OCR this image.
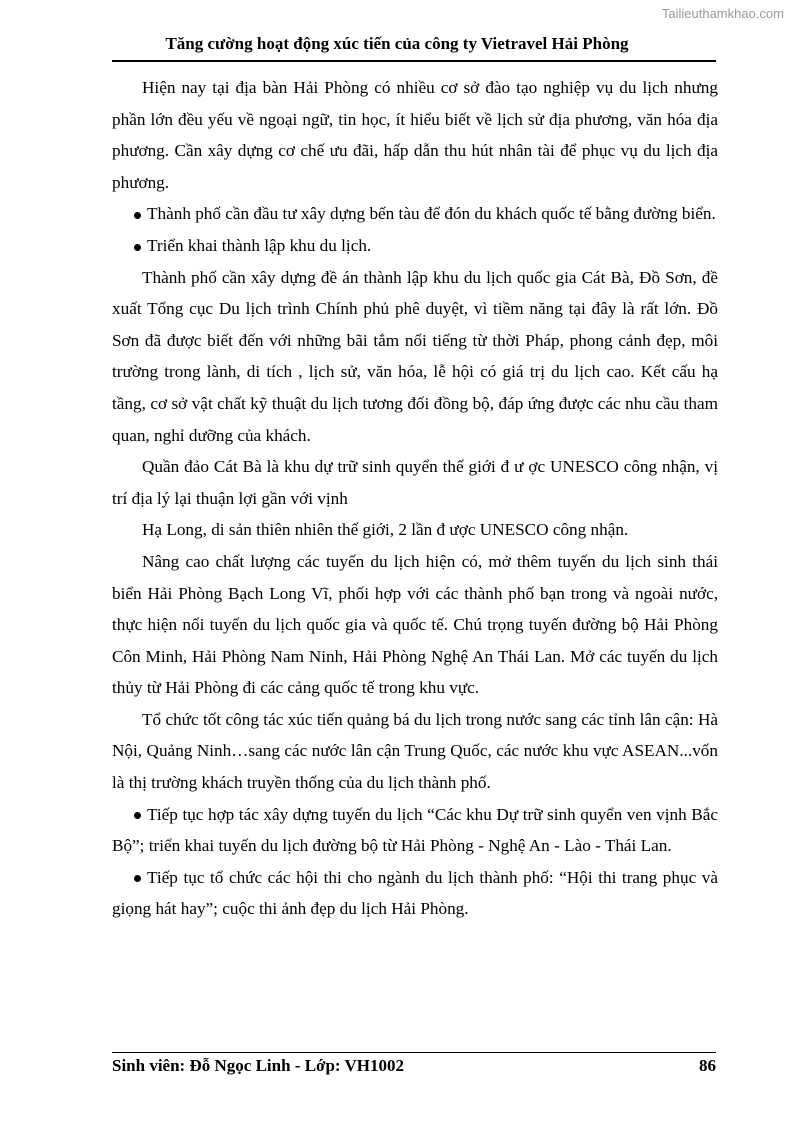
Tailieuthamkhao.com
Tăng cường hoạt động xúc tiến của công ty Vietravel Hải Phòng

Hiện nay tại địa bàn Hải Phòng có nhiều cơ sở đào tạo nghiệp vụ du lịch nhưng phần lớn đều yếu về ngoại ngữ, tin học, ít hiểu biết về lịch sử địa phương, văn hóa địa phương. Cần xây dựng cơ chế ưu đãi, hấp dẫn thu hút nhân tài để phục vụ du lịch địa phương.

Thành phố cần đầu tư xây dựng bến tàu để đón du khách quốc tế bằng đường biển.

Triển khai thành lập khu du lịch.

Thành phố cần xây dựng đề án thành lập khu du lịch quốc gia Cát Bà, Đồ Sơn, đề xuất Tổng cục Du lịch trình Chính phủ phê duyệt, vì tiềm năng tại đây là rất lớn. Đồ Sơn đã được biết đến với những bãi tắm nổi tiếng từ thời Pháp, phong cảnh đẹp, môi trường trong lành, di tích , lịch sử, văn hóa, lễ hội có giá trị du lịch cao. Kết cấu hạ tầng, cơ sở vật chất kỹ thuật du lịch tương đối đồng bộ, đáp ứng được các nhu cầu tham quan, nghỉ dưỡng của khách.

Quần đảo Cát Bà là khu dự trữ sinh quyển thế giới đ ư ợc UNESCO công nhận, vị trí địa lý lại thuận lợi gần với vịnh

Hạ Long, di sản thiên nhiên thế giới, 2 lần đ ược UNESCO công nhận.

Nâng cao chất lượng các tuyến du lịch hiện có, mở thêm tuyến du lịch sinh thái biển Hải Phòng Bạch Long Vĩ, phối hợp với các thành phố bạn trong và ngoài nước, thực hiện nối tuyến du lịch quốc gia và quốc tế. Chú trọng tuyến đường bộ Hải Phòng Côn Minh, Hải Phòng Nam Ninh, Hải Phòng Nghệ An Thái Lan. Mở các tuyến du lịch thủy từ Hải Phòng đi các cảng quốc tế trong khu vực.

Tổ chức tốt công tác xúc tiến quảng bá du lịch trong nước sang các tỉnh lân cận: Hà Nội, Quảng Ninh…sang các nước lân cận Trung Quốc, các nước khu vực ASEAN...vốn là thị trường khách truyền thống của du lịch thành phố.

Tiếp tục hợp tác xây dựng tuyến du lịch “Các khu Dự trữ sinh quyển ven vịnh Bắc Bộ”; triển khai tuyến du lịch đường bộ từ Hải Phòng - Nghệ An - Lào - Thái Lan.

Tiếp tục tổ chức các hội thi cho ngành du lịch thành phố: “Hội thi trang phục và giọng hát hay”; cuộc thi ảnh đẹp du lịch Hải Phòng.

Sinh viên: Đỗ Ngọc Linh - Lớp: VH1002	86
